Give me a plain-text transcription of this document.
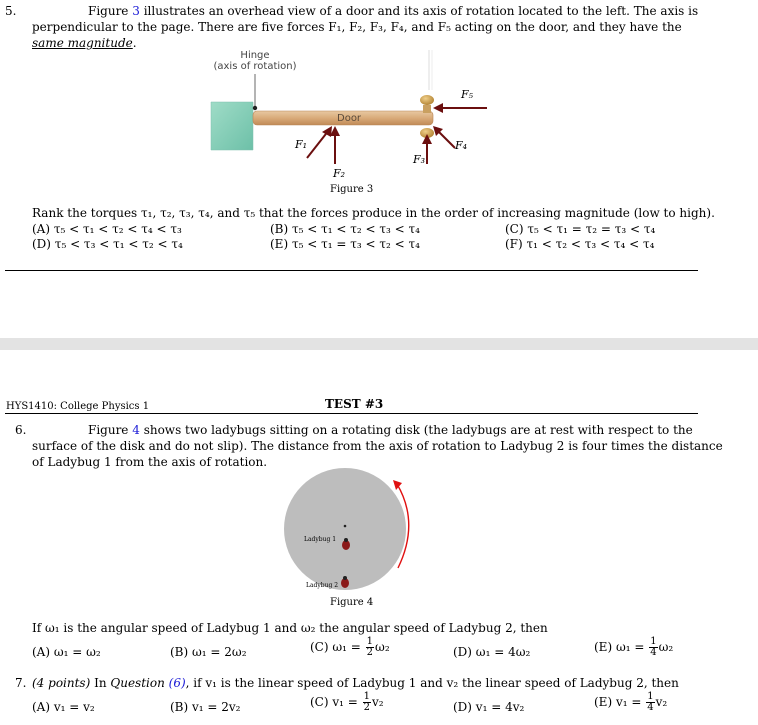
5.	Figure 3 illustrates an overhead view of a door and its axis of rotation located to the left. The axis is
perpendicular to the page. There are five forces F₁, F₂, F₃, F₄, and F₅ acting on the door, and they have the
same magnitude.
Hinge
(axis of rotation)
Door
F₁
F₂
F₃
F₄
F₅
Figure 3
Rank the torques τ₁, τ₂, τ₃, τ₄, and τ₅ that the forces produce in the order of increasing magnitude (low to high).
(A) τ₅ < τ₁ < τ₂ < τ₄ < τ₃	(B) τ₅ < τ₁ < τ₂ < τ₃ < τ₄	(C) τ₅ < τ₁ = τ₂ = τ₃ < τ₄
(D) τ₅ < τ₃ < τ₁ < τ₂ < τ₄	(E) τ₅ < τ₁ = τ₃ < τ₂ < τ₄	(F) τ₁ < τ₂ < τ₃ < τ₄ < τ₄
HYS1410: College Physics 1	TEST #3
6.	Figure 4 shows two ladybugs sitting on a rotating disk (the ladybugs are at rest with respect to the
surface of the disk and do not slip). The distance from the axis of rotation to Ladybug 2 is four times the distance
of Ladybug 1 from the axis of rotation.
Ladybug 1
Ladybug 2
Figure 4
If ω₁ is the angular speed of Ladybug 1 and ω₂ the angular speed of Ladybug 2, then
(A) ω₁ = ω₂	(B) ω₁ = 2ω₂	(C) $\omega_1 = \frac{1}{2} \omega_2$	(D) ω₁ = 4ω₂	(E) $\omega_1 = \frac{1}{4} \omega_2$
7. (4 points) In Question (6), if v₁ is the linear speed of Ladybug 1 and v₂ the linear speed of Ladybug 2, then
(A) v₁ = v₂	(B) v₁ = 2v₂	(C) $v_1 = \frac{1}{2} v_2$	(D) v₁ = 4v₂	(E) $v_1 = \frac{1}{4} v_2$
